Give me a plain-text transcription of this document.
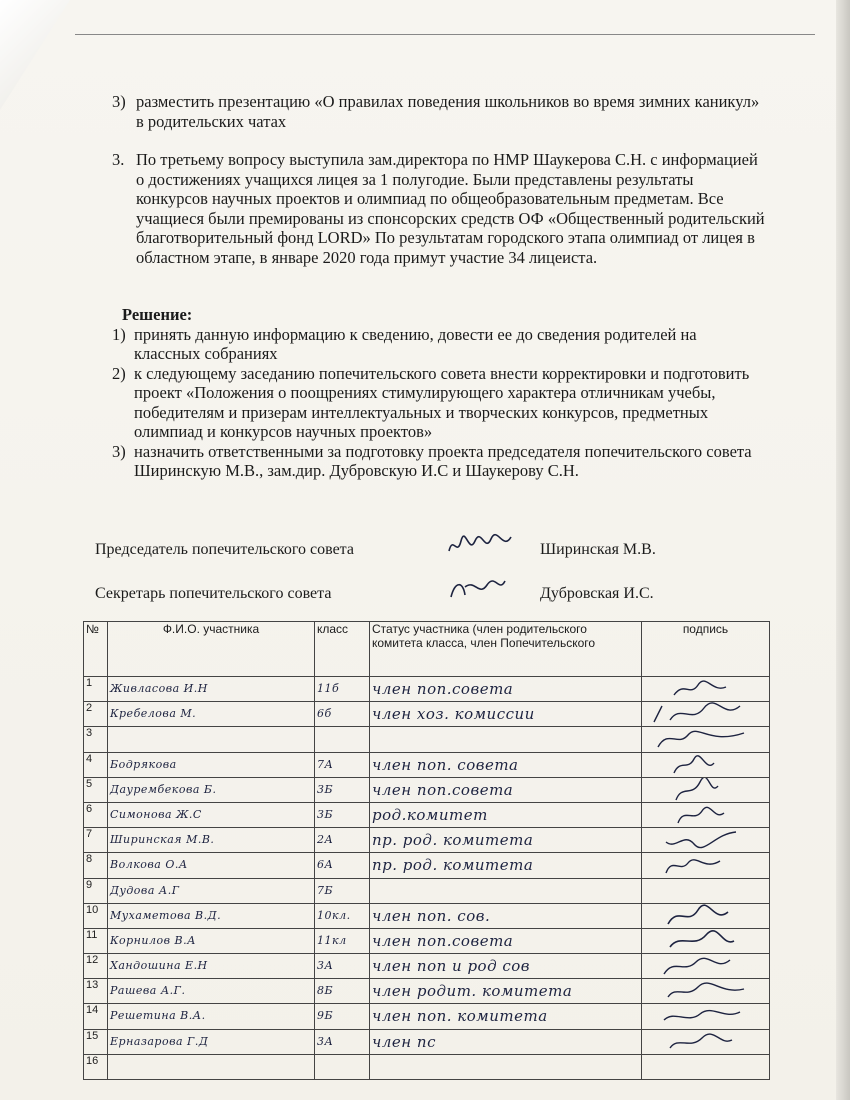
3) разместить презентацию «О правилах поведения школьников во время зимних каникул» в родительских чатах
3. По третьему вопросу выступила зам.директора по НМР Шаукерова С.Н. с информацией о достижениях учащихся лицея за 1 полугодие. Были представлены результаты конкурсов научных проектов и олимпиад по общеобразовательным предметам. Все учащиеся были премированы из спонсорских средств ОФ «Общественный родительский благотворительный фонд LORD» По результатам городского этапа олимпиад от лицея в областном этапе, в январе 2020 года примут участие 34 лицеиста.
Решение:
1) принять данную информацию к сведению, довести ее до сведения родителей на классных собраниях
2) к следующему заседанию попечительского совета внести корректировки и подготовить проект «Положения о поощрениях стимулирующего характера отличникам учебы, победителям и призерам интеллектуальных и творческих конкурсов, предметных олимпиад и конкурсов научных проектов»
3) назначить ответственными за подготовку проекта председателя попечительского совета Ширинскую М.В., зам.дир. Дубровскую И.С и Шаукерову С.Н.
Председатель попечительского совета	Ширинская М.В.
Секретарь попечительского совета	Дубровская И.С.
№	Ф.И.О. участника	класс	Статус участника (член родительского комитета класса, член Попечительского	подпись
1	Живласова И.Н	11б	член поп.совета	

2	Кребелова М.	6б	член хоз. комиссии	

3				

4	Бодрякова	7А	член поп. совета	

5	Даурембекова Б.	3Б	член поп.совета	

6	Симонова Ж.С	3Б	род.комитет	

7	Ширинская М.В.	2А	пр. род. комитета	

8	Волкова О.А	6А	пр. род. комитета	

9	Дудова А.Г	7Б		
10	Мухаметова В.Д.	10кл.	член поп. сов.	

11	Корнилов В.А	11кл	член поп.совета	

12	Хандошина Е.Н	3А	член поп и род сов	

13	Рашева А.Г.	8Б	член родит. комитета	

14	Решетина В.А.	9Б	член поп. комитета	

15	Ерназарова Г.Д	3А	член пс	

16				
